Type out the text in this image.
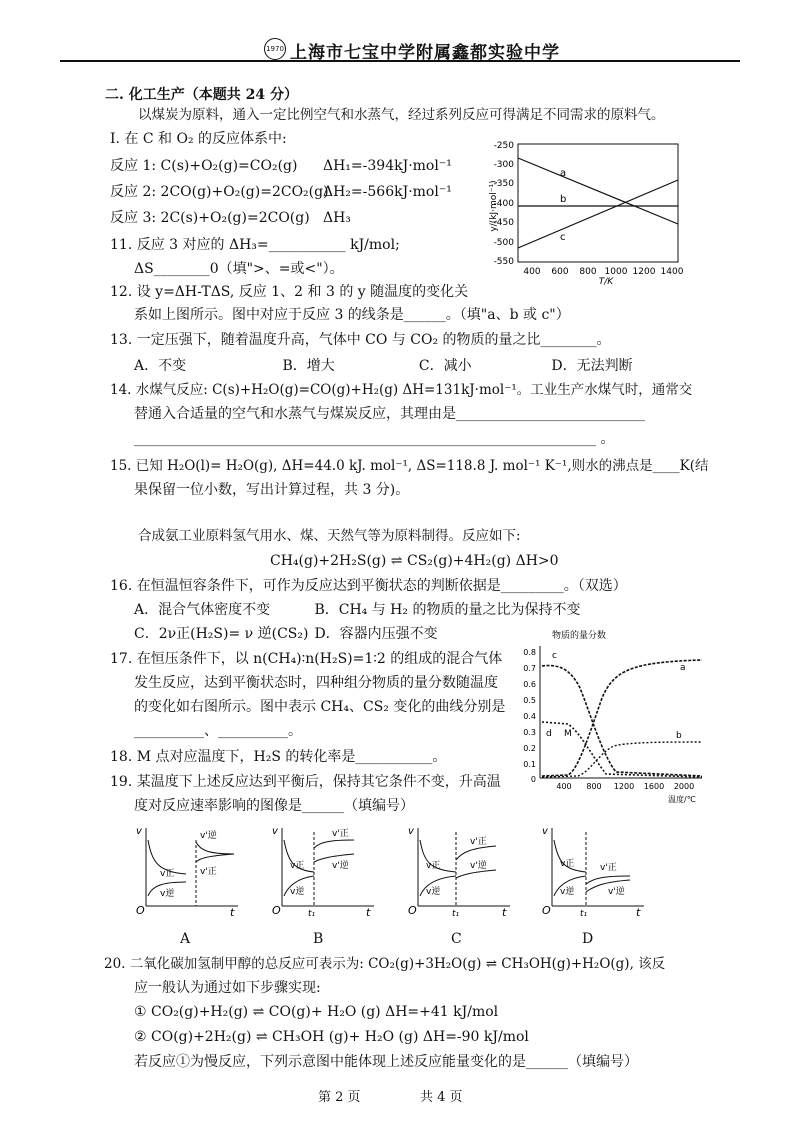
1970 上海市七宝中学附属鑫都实验中学
二. 化工生产（本题共 24 分）
以煤炭为原料，通入一定比例空气和水蒸气，经过系列反应可得满足不同需求的原料气。
I. 在 C 和 O₂ 的反应体系中:
反应 1: C(s)+O₂(g)=CO₂(g) ΔH₁=-394kJ·mol⁻¹
反应 2: 2CO(g)+O₂(g)=2CO₂(g) ΔH₂=-566kJ·mol⁻¹
反应 3: 2C(s)+O₂(g)=2CO(g) ΔH₃
11. 反应 3 对应的 ΔH₃=___________ kJ/mol;
ΔS________0（填">、=或<"）。
-250
-300
-350
-400
-450
-500
-550
400 600 800 1000 1200 1400
T/K
y/(kJ·mol⁻¹)
a
b
c
12. 设 y=ΔH-TΔS, 反应 1、2 和 3 的 y 随温度的变化关
系如上图所示。图中对应于反应 3 的线条是______。（填"a、b 或 c"）
13. 一定压强下，随着温度升高，气体中 CO 与 CO₂ 的物质的量之比________。
A．不变	B．增大	C．减小	D．无法判断
14. 水煤气反应: C(s)+H₂O(g)=CO(g)+H₂(g) ΔH=131kJ·mol⁻¹。工业生产水煤气时，通常交
替通入合适量的空气和水蒸气与煤炭反应，其理由是___________________________
__________________________________________________________________ 。
15. 已知 H₂O(l)= H₂O(g), ΔH=44.0 kJ. mol⁻¹, ΔS=118.8 J. mol⁻¹ K⁻¹,则水的沸点是____K(结
果保留一位小数，写出计算过程，共 3 分)。
合成氨工业原料氢气用水、煤、天然气等为原料制得。反应如下:
CH₄(g)+2H₂S(g) ⇌ CS₂(g)+4H₂(g) ΔH>0
16. 在恒温恒容条件下，可作为反应达到平衡状态的判断依据是_________。（双选）
A．混合气体密度不变	B．CH₄ 与 H₂ 的物质的量之比为保持不变
C．2ν正(H₂S)= ν 逆(CS₂) D．容器内压强不变
17. 在恒压条件下，以 n(CH₄)∶n(H₂S)=1∶2 的组成的混合气体
发生反应，达到平衡状态时，四种组分物质的量分数随温度
的变化如右图所示。图中表示 CH₄、CS₂ 变化的曲线分别是
__________、__________。
18. M 点对应温度下，H₂S 的转化率是___________。
19. 某温度下上述反应达到平衡后，保持其它条件不变，升高温
度对反应速率影响的图像是______（填编号）
物质的量分数
0.8
0.7
0.6
0.5
0.4
0.3
0.2
0.1
0
400 800 1200 1600 2000
温度/℃
c
a
b
d M
v
O	t
v正
v逆
v'逆
v'正
v
O	t
t₁
v正
v逆
v'正
v'逆
v
O	t
t₁
v正
v逆
v'正
v'逆
v
O	t
t₁
v正
v逆
v'正
v'逆
A	B	C	D
20. 二氧化碳加氢制甲醇的总反应可表示为: CO₂(g)+3H₂O(g) ⇌ CH₃OH(g)+H₂O(g), 该反
应一般认为通过如下步骤实现:
① CO₂(g)+H₂(g) ⇌ CO(g)+ H₂O (g) ΔH=+41 kJ/mol
② CO(g)+2H₂(g) ⇌ CH₃OH (g)+ H₂O (g) ΔH=-90 kJ/mol
若反应①为慢反应，下列示意图中能体现上述反应能量变化的是______（填编号）
第 2 页	共 4 页
